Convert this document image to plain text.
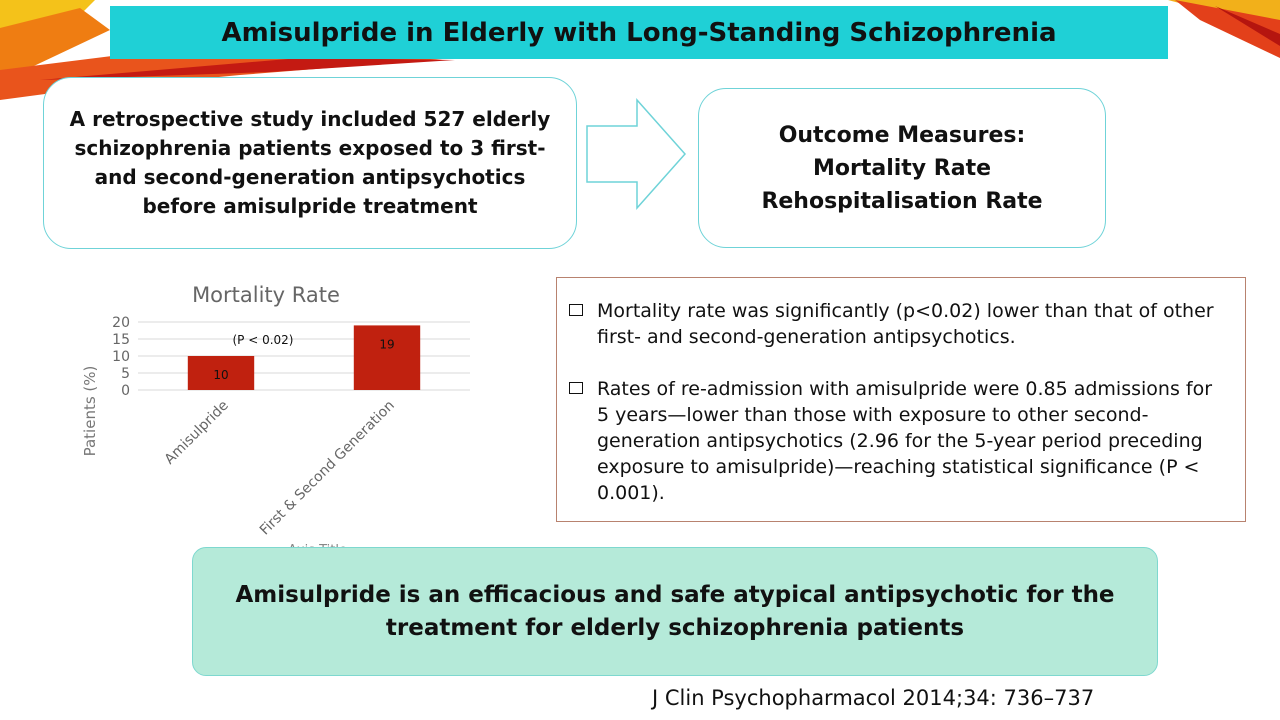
Amisulpride in Elderly with Long-Standing Schizophrenia
A retrospective study included 527 elderly
schizophrenia patients exposed to 3 first-
and second-generation antipsychotics
before amisulpride treatment
Outcome Measures:
Mortality Rate
Rehospitalisation Rate
Mortality Rate
0
5
10
15
20
10
19
Amisulpride First & Second Generation
(P < 0.02)
Patients (%)
Mortality rate was significantly (p<0.02) lower than that of other first- and second-generation antipsychotics.
Rates of re-admission with amisulpride were 0.85 admissions for 5 years—lower than those with exposure to other second-generation antipsychotics (2.96 for the 5-year period preceding exposure to amisulpride)—reaching statistical significance (P < 0.001).
Amisulpride is an efficacious and safe atypical antipsychotic for the
treatment for elderly schizophrenia patients
J Clin Psychopharmacol 2014;34: 736–737
